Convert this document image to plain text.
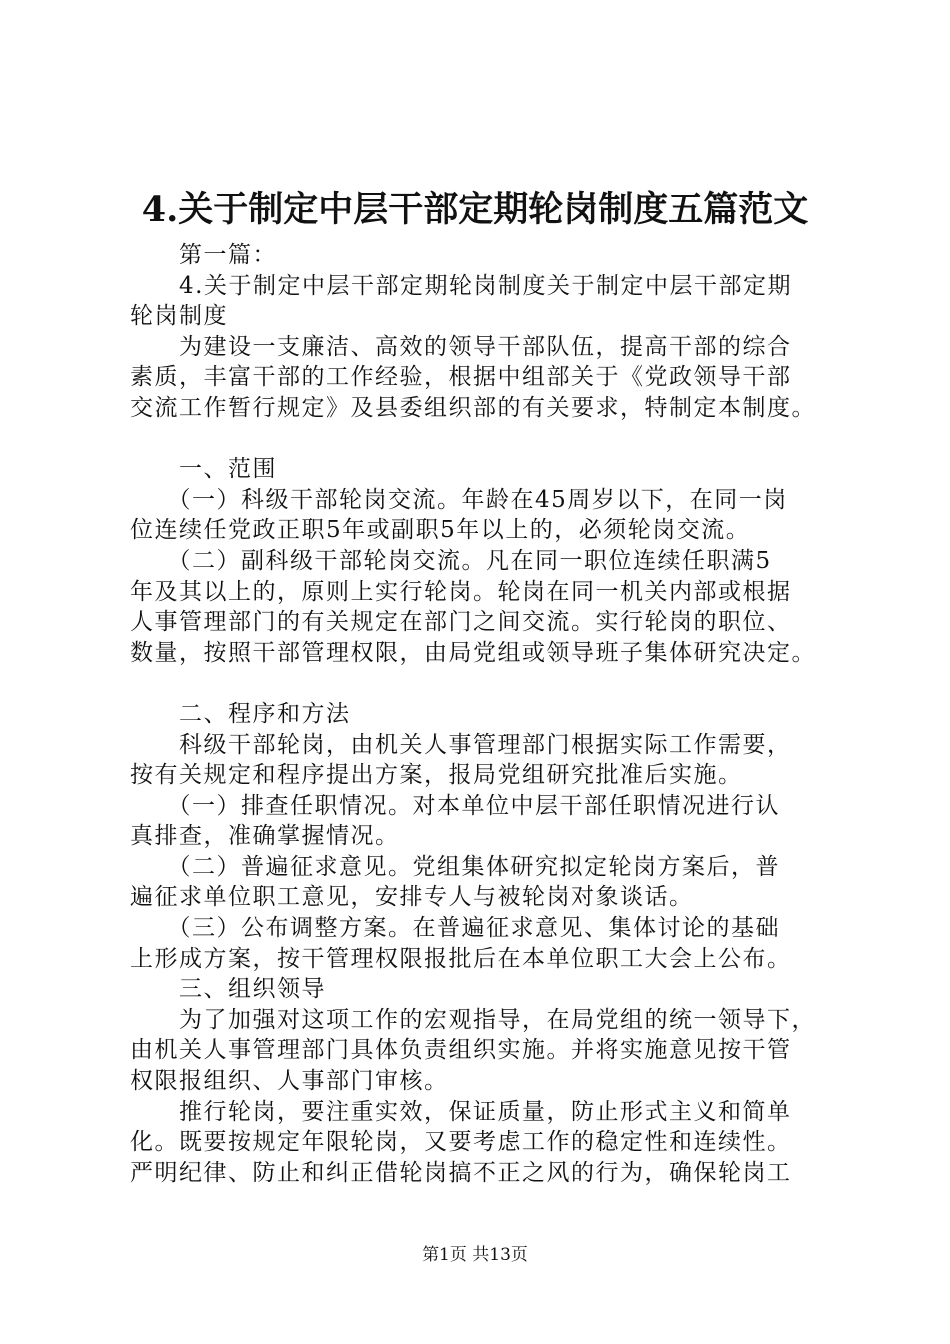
4.关于制定中层干部定期轮岗制度五篇范文
　　第一篇：
　　4.关于制定中层干部定期轮岗制度关于制定中层干部定期
轮岗制度
　　为建设一支廉洁、高效的领导干部队伍，提高干部的综合
素质，丰富干部的工作经验，根据中组部关于《党政领导干部
交流工作暂行规定》及县委组织部的有关要求，特制定本制度。
　　一、范围
　　（一）科级干部轮岗交流。年龄在45周岁以下，在同一岗
位连续任党政正职5年或副职5年以上的，必须轮岗交流。
　　（二）副科级干部轮岗交流。凡在同一职位连续任职满5
年及其以上的，原则上实行轮岗。轮岗在同一机关内部或根据
人事管理部门的有关规定在部门之间交流。实行轮岗的职位、
数量，按照干部管理权限，由局党组或领导班子集体研究决定。
　　二、程序和方法
　　科级干部轮岗，由机关人事管理部门根据实际工作需要，
按有关规定和程序提出方案，报局党组研究批准后实施。
　　（一）排查任职情况。对本单位中层干部任职情况进行认
真排查，准确掌握情况。
　　（二）普遍征求意见。党组集体研究拟定轮岗方案后，普
遍征求单位职工意见，安排专人与被轮岗对象谈话。
　　（三）公布调整方案。在普遍征求意见、集体讨论的基础
上形成方案，按干管理权限报批后在本单位职工大会上公布。
　　三、组织领导
　　为了加强对这项工作的宏观指导，在局党组的统一领导下，
由机关人事管理部门具体负责组织实施。并将实施意见按干管
权限报组织、人事部门审核。
　　推行轮岗，要注重实效，保证质量，防止形式主义和简单
化。既要按规定年限轮岗，又要考虑工作的稳定性和连续性。
严明纪律、防止和纠正借轮岗搞不正之风的行为，确保轮岗工
第1页 共13页
